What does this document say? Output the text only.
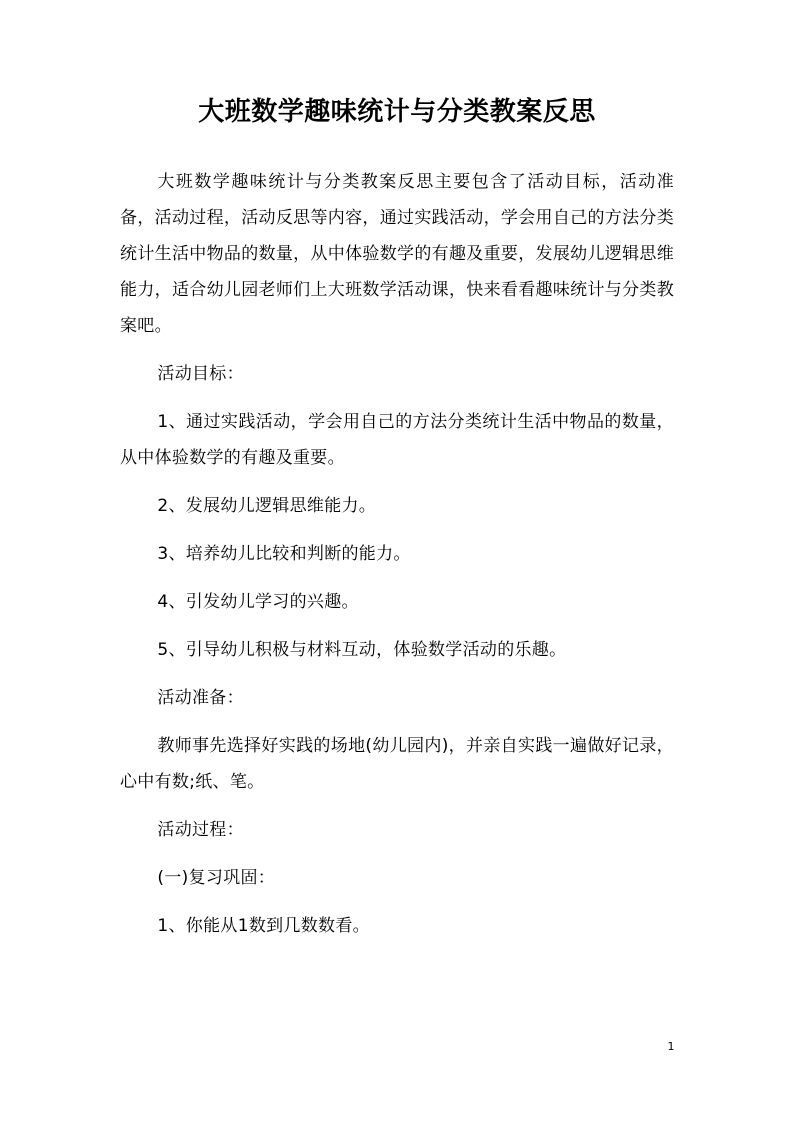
大班数学趣味统计与分类教案反思

大班数学趣味统计与分类教案反思主要包含了活动目标，活动准备，活动过程，活动反思等内容，通过实践活动，学会用自己的方法分类统计生活中物品的数量，从中体验数学的有趣及重要，发展幼儿逻辑思维能力，适合幼儿园老师们上大班数学活动课，快来看看趣味统计与分类教案吧。

活动目标：

1、通过实践活动，学会用自己的方法分类统计生活中物品的数量，从中体验数学的有趣及重要。

2、发展幼儿逻辑思维能力。

3、培养幼儿比较和判断的能力。

4、引发幼儿学习的兴趣。

5、引导幼儿积极与材料互动，体验数学活动的乐趣。

活动准备：

教师事先选择好实践的场地(幼儿园内)，并亲自实践一遍做好记录，心中有数;纸、笔。

活动过程：

(一)复习巩固：

1、你能从1数到几数数看。

1
